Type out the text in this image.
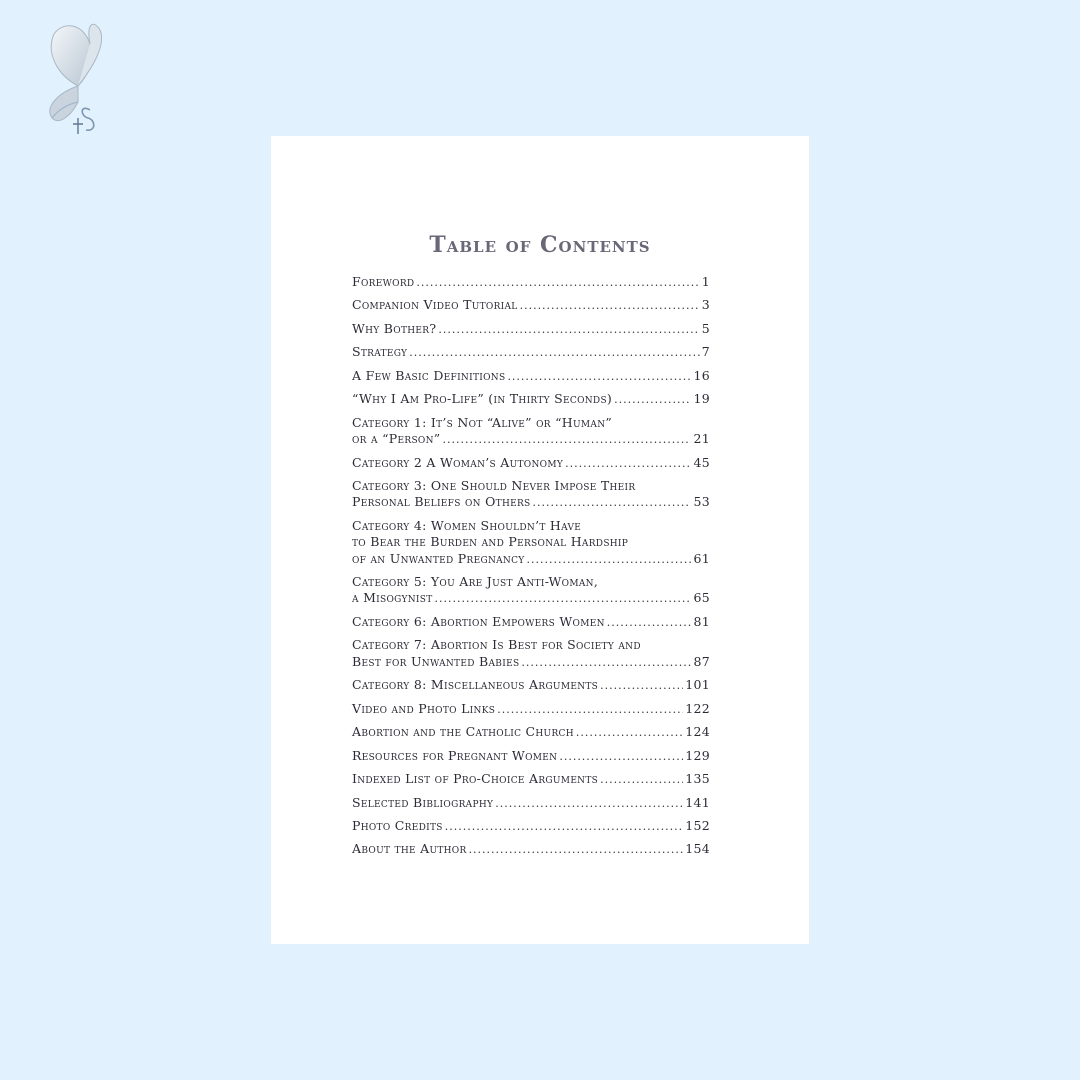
Table of Contents
Foreword .....	1
Companion Video Tutorial .....	3
Why Bother? .....	5
Strategy .....	7
A Few Basic Definitions .....	16
“Why I Am Pro-Life” (in Thirty Seconds) .....	19
Category 1: It’s Not “Alive” or “Human”
or a “Person” .....	21
Category 2 A Woman’s Autonomy .....	45
Category 3: One Should Never Impose Their
Personal Beliefs on Others .....	53
Category 4: Women Shouldn’t Have
to Bear the Burden and Personal Hardship
of an Unwanted Pregnancy .....	61
Category 5: You Are Just Anti-Woman,
a Misogynist .....	65
Category 6: Abortion Empowers Women .....	81
Category 7: Abortion Is Best for Society and
Best for Unwanted Babies .....	87
Category 8: Miscellaneous Arguments .....	101
Video and Photo Links .....	122
Abortion and the Catholic Church .....	124
Resources for Pregnant Women .....	129
Indexed List of Pro-Choice Arguments .....	135
Selected Bibliography .....	141
Photo Credits .....	152
About the Author .....	154
